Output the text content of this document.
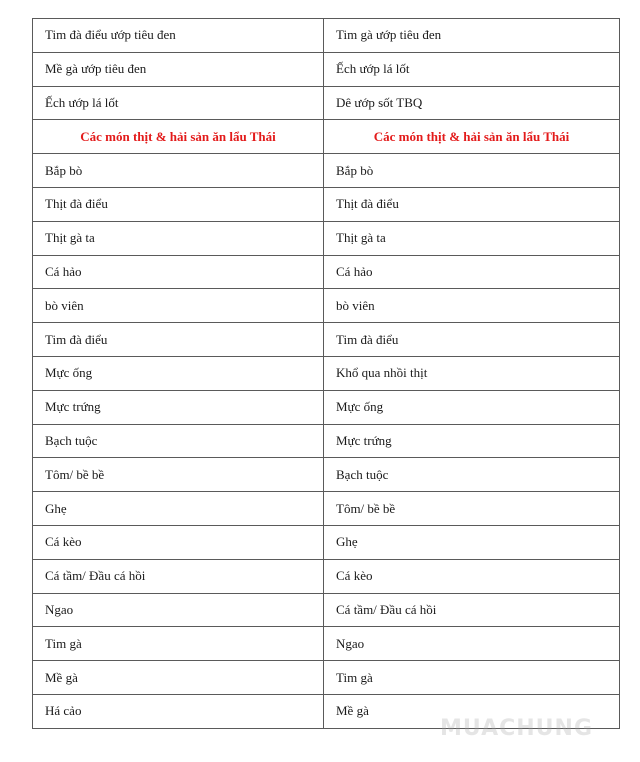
Tim đà điểu ướp tiêu đen	Tim gà ướp tiêu đen
Mề gà ướp tiêu đen	Ếch ướp lá lốt
Ếch ướp lá lốt	Dê ướp sốt TBQ
Các món thịt & hải sản ăn lẩu Thái	Các món thịt & hải sản ăn lẩu Thái
Bắp bò	Bắp bò
Thịt đà điểu	Thịt đà điểu
Thịt gà ta	Thịt gà ta
Cá hảo	Cá hảo
bò viên	bò viên
Tim đà điểu	Tim đà điểu
Mực ống	Khổ qua nhồi thịt
Mực trứng	Mực ống
Bạch tuộc	Mực trứng
Tôm/ bề bề	Bạch tuộc
Ghẹ	Tôm/ bề bề
Cá kèo	Ghẹ
Cá tầm/ Đầu cá hồi	Cá kèo
Ngao	Cá tầm/ Đầu cá hồi
Tim gà	Ngao
Mề gà	Tim gà
Há cảo	Mề gà
MUACHUNG
